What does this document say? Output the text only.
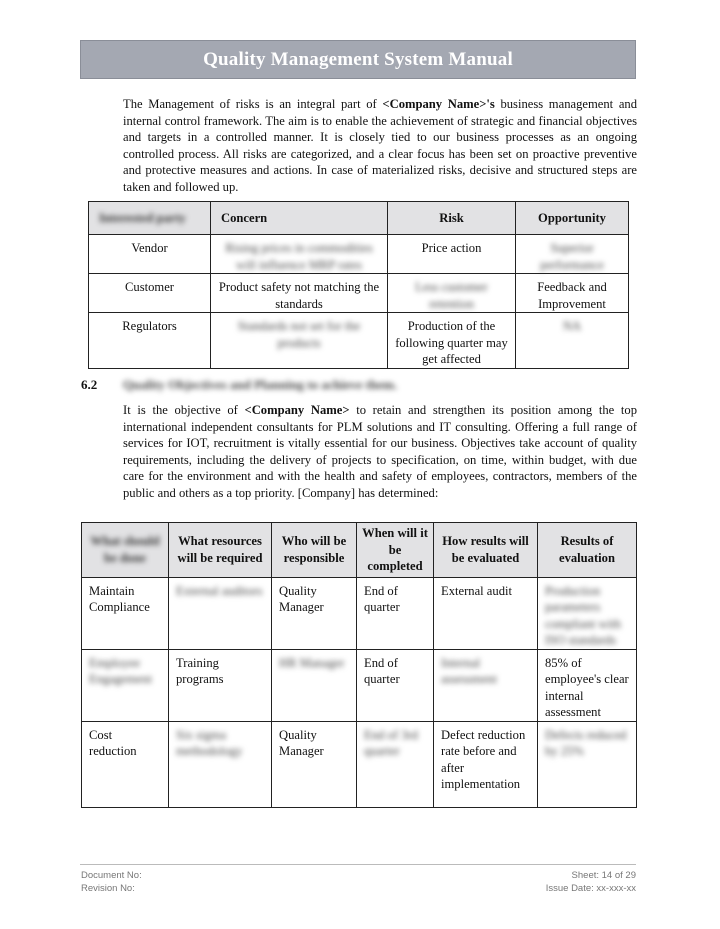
Quality Management System Manual
The Management of risks is an integral part of <Company Name>'s business management and internal control framework. The aim is to enable the achievement of strategic and financial objectives and targets in a controlled manner. It is closely tied to our business processes as an ongoing controlled process. All risks are categorized, and a clear focus has been set on proactive preventive and protective measures and actions. In case of materialized risks, decisive and structured steps are taken and followed up.
Interested party	Concern	Risk	Opportunity
Vendor	Rising prices in commodities will influence MRP rates	Price action	Superior performance
Customer	Product safety not matching the standards	Less customer retention	Feedback and Improvement
Regulators	Standards not set for the products	Production of the following quarter may get affected	NA
6.2 Quality Objectives and Planning to achieve them.
It is the objective of <Company Name> to retain and strengthen its position among the top international independent consultants for PLM solutions and IT consulting. Offering a full range of services for IOT, recruitment is vitally essential for our business. Objectives take account of quality requirements, including the delivery of projects to specification, on time, within budget, with due care for the environment and with the health and safety of employees, contractors, members of the public and others as a top priority. [Company] has determined:
What should be done	What resources will be required	Who will be responsible	When will it be completed	How results will be evaluated	Results of evaluation
Maintain Compliance	External auditors	Quality Manager	End of quarter	External audit	Production parameters compliant with ISO standards
Employee Engagement	Training programs	HR Manager	End of quarter	Internal assessment	85% of employee's clear internal assessment
Cost reduction	Six sigma methodology	Quality Manager	End of 3rd quarter	Defect reduction rate before and after implementation	Defects reduced by 25%
Document No:
Revision No:
Sheet: 14 of 29
Issue Date: xx-xxx-xx
